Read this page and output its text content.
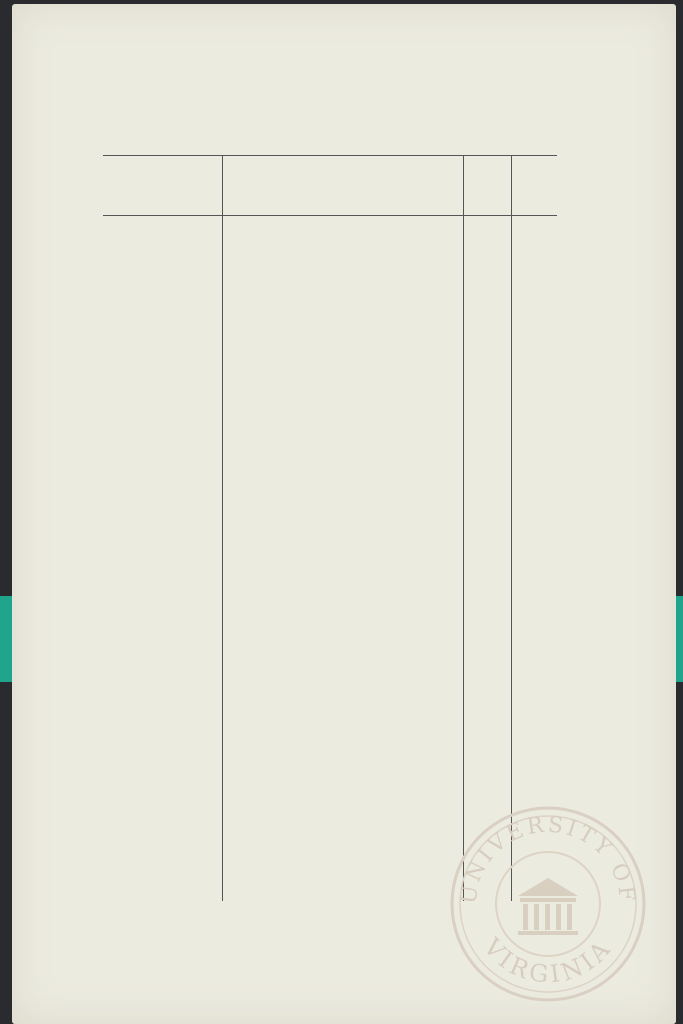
UNIVERSITY OF
VIRGINIA
